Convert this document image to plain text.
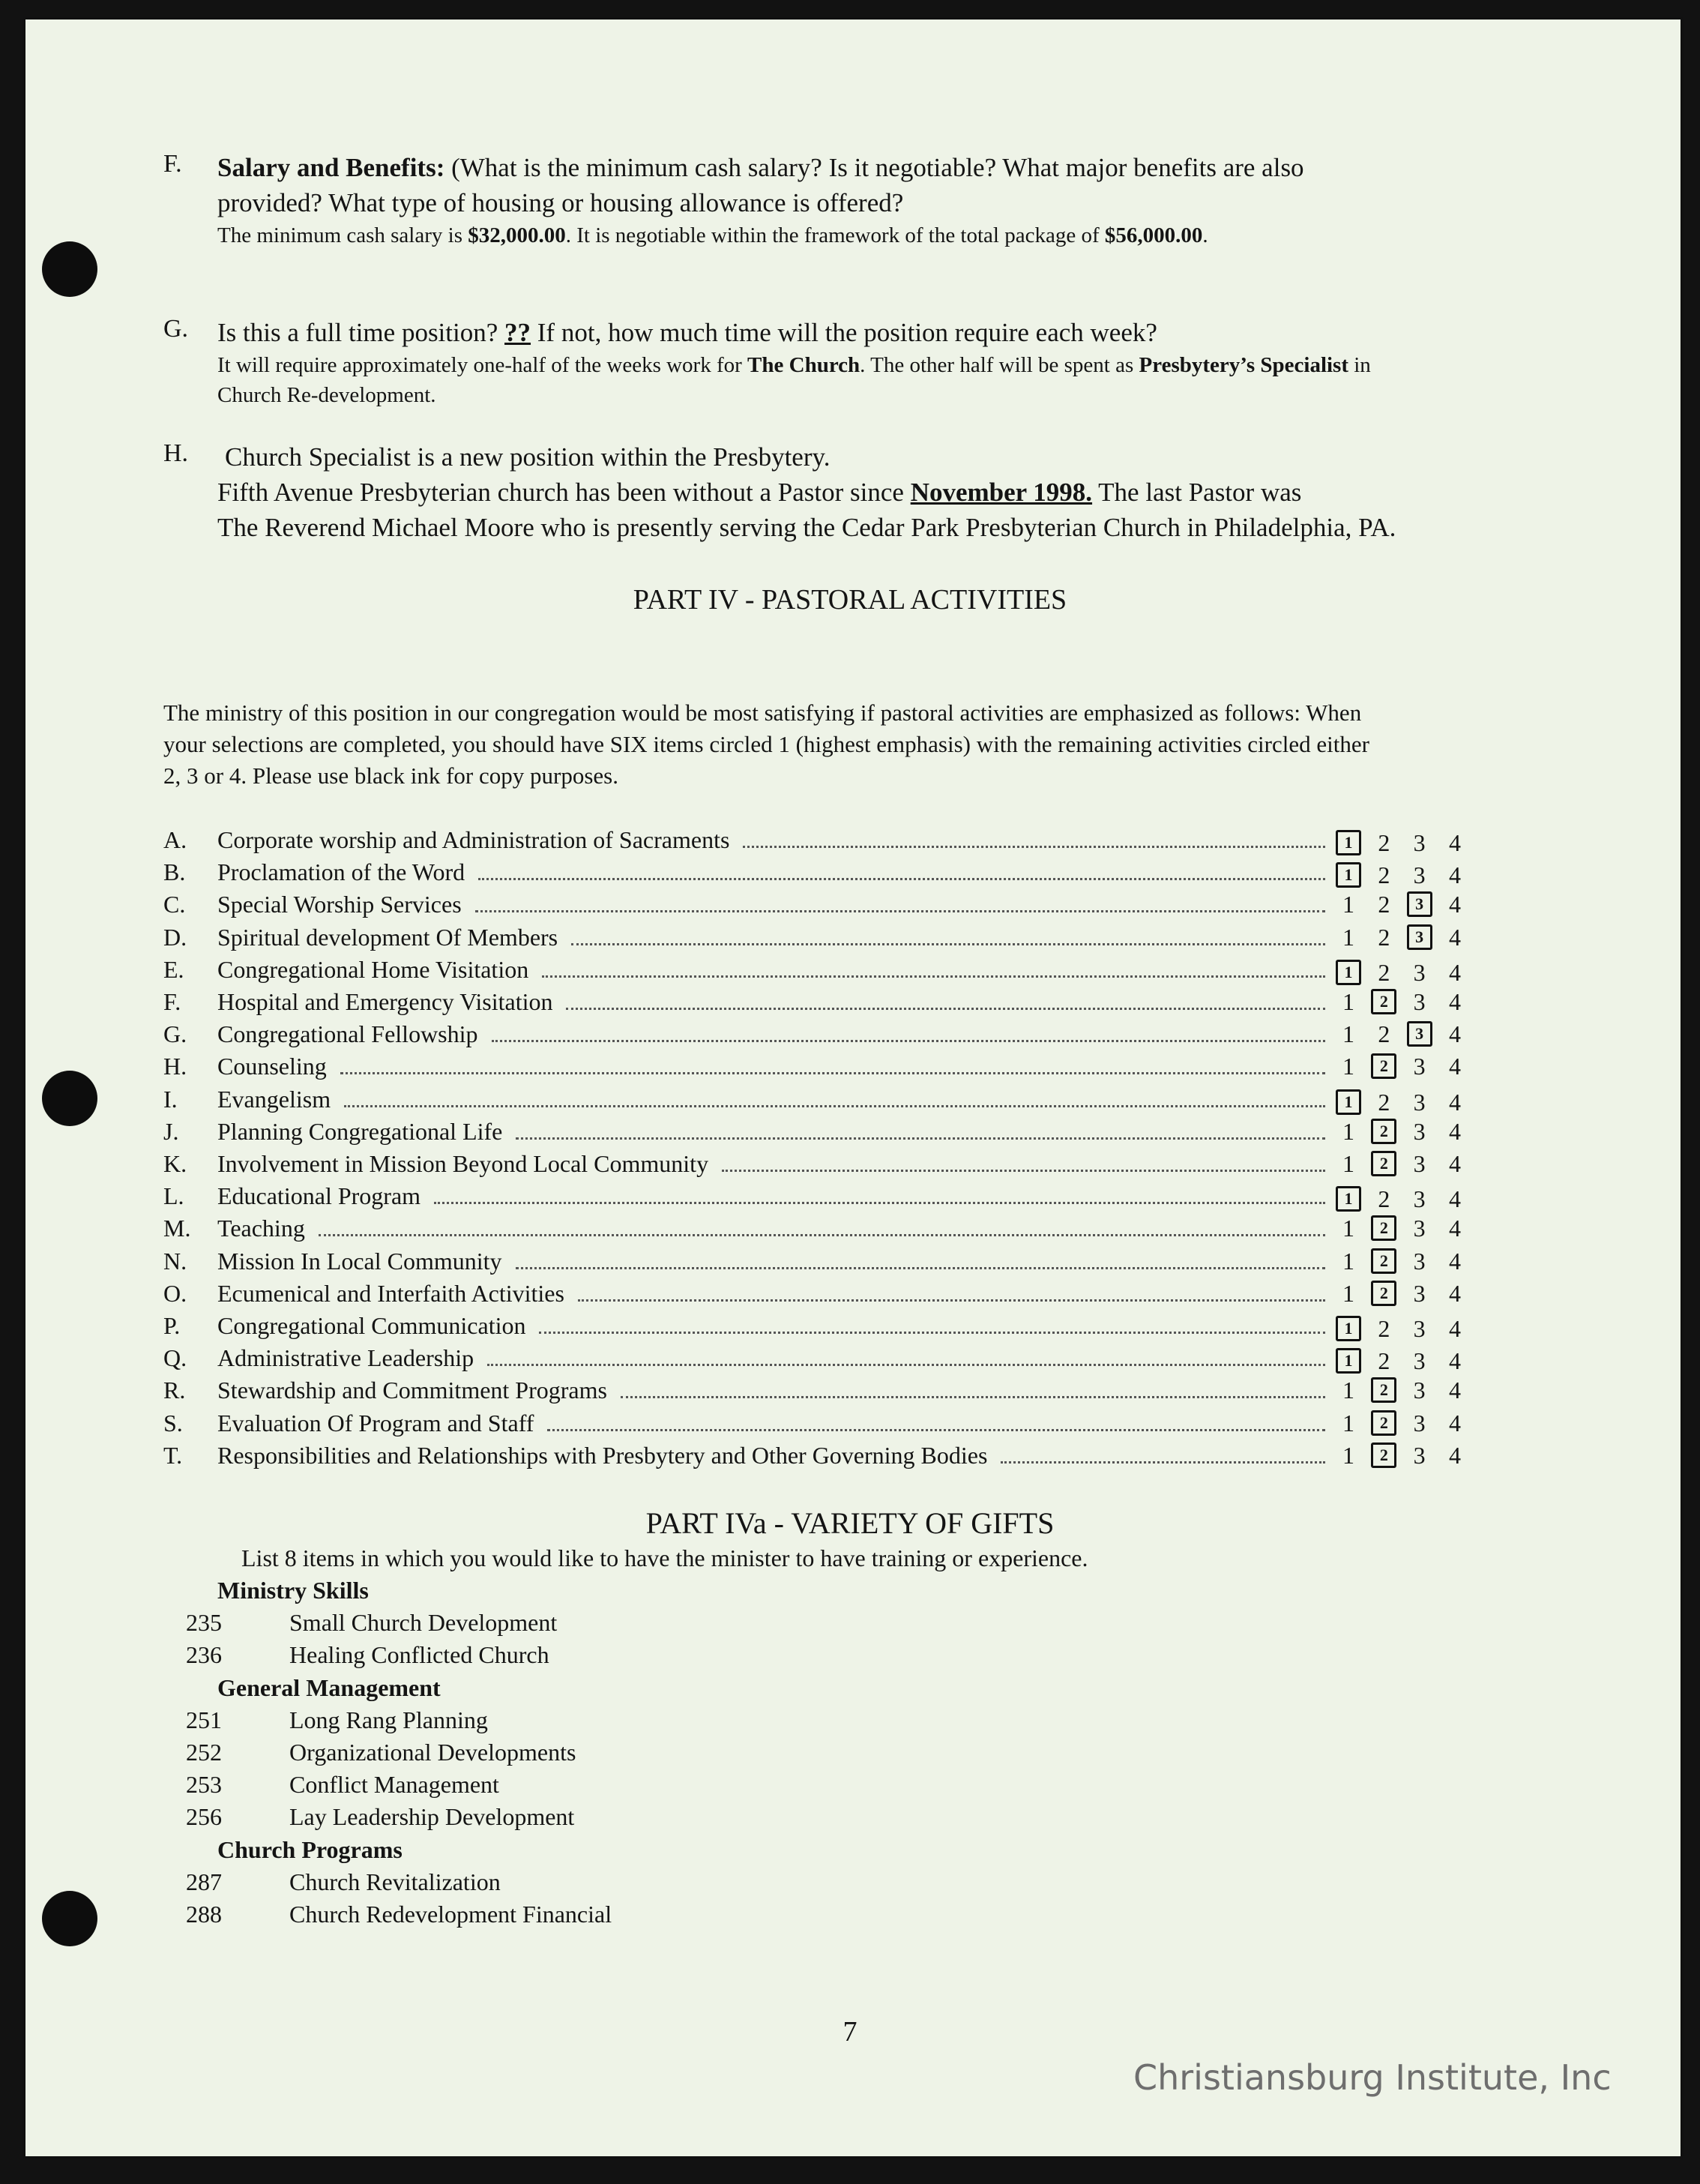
F. Salary and Benefits: (What is the minimum cash salary? Is it negotiable? What major benefits are also
provided? What type of housing or housing allowance is offered?
The minimum cash salary is $32,000.00. It is negotiable within the framework of the total package of $56,000.00.
G. Is this a full time position? ?? If not, how much time will the position require each week?
It will require approximately one-half of the weeks work for The Church. The other half will be spent as Presbytery’s Specialist in
Church Re-development.
H. Church Specialist is a new position within the Presbytery.
Fifth Avenue Presbyterian church has been without a Pastor since November 1998. The last Pastor was
The Reverend Michael Moore who is presently serving the Cedar Park Presbyterian Church in Philadelphia, PA.
PART IV - PASTORAL ACTIVITIES
The ministry of this position in our congregation would be most satisfying if pastoral activities are emphasized as follows: When
your selections are completed, you should have SIX items circled 1 (highest emphasis) with the remaining activities circled either
2, 3 or 4. Please use black ink for copy purposes.
A.	Corporate worship and Administration of Sacraments	1	2 3 4
B.	Proclamation of the Word	1	2 3 4
C.	Special Worship Services	1 2	3	4
D.	Spiritual development Of Members	1 2	3	4
E.	Congregational Home Visitation	1	2 3 4
F.	Hospital and Emergency Visitation	1	2	3 4
G.	Congregational Fellowship	1 2	3	4
H.	Counseling	1	2	3 4
I.	Evangelism	1	2 3 4
J.	Planning Congregational Life	1	2	3 4
K.	Involvement in Mission Beyond Local Community	1	2	3 4
L.	Educational Program	1	2 3 4
M.	Teaching	1	2	3 4
N.	Mission In Local Community	1	2	3 4
O.	Ecumenical and Interfaith Activities	1	2	3 4
P.	Congregational Communication	1	2 3 4
Q.	Administrative Leadership	1	2 3 4
R.	Stewardship and Commitment Programs	1	2	3 4
S.	Evaluation Of Program and Staff	1	2	3 4
T.	Responsibilities and Relationships with Presbytery and Other Governing Bodies	1	2	3 4
PART IVa - VARIETY OF GIFTS
List 8 items in which you would like to have the minister to have training or experience.
Ministry Skills
235	Small Church Development
236	Healing Conflicted Church
General Management
251	Long Rang Planning
252	Organizational Developments
253	Conflict Management
256	Lay Leadership Development
Church Programs
287	Church Revitalization
288	Church Redevelopment Financial
7
Christiansburg Institute, Inc
